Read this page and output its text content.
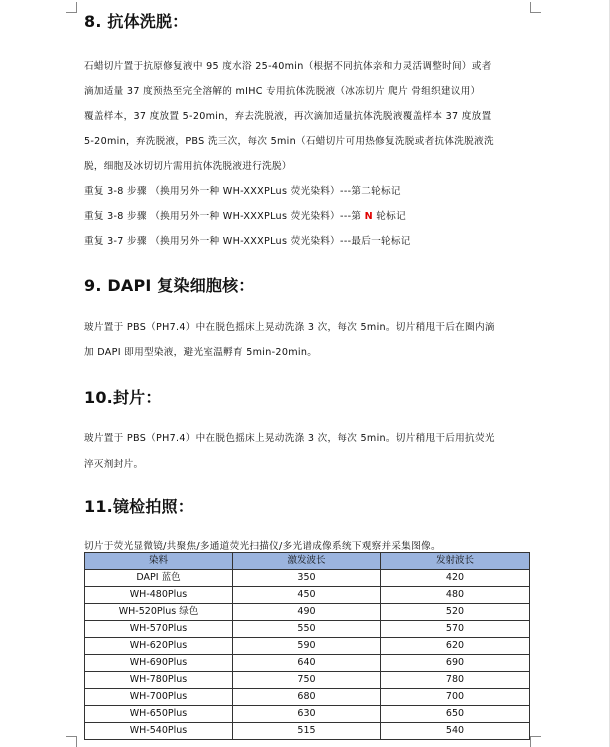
8. 抗体洗脱：
石蜡切片置于抗原修复液中 95 度水浴 25-40min（根据不同抗体亲和力灵活调整时间）或者
滴加适量 37 度预热至完全溶解的 mIHC 专用抗体洗脱液（冰冻切片 爬片 骨组织建议用）
覆盖样本，37 度放置 5-20min，弃去洗脱液，再次滴加适量抗体洗脱液覆盖样本 37 度放置
5-20min，弃洗脱液，PBS 洗三次，每次 5min（石蜡切片可用热修复洗脱或者抗体洗脱液洗
脱，细胞及冰切切片需用抗体洗脱液进行洗脱）
重复 3-8 步骤 （换用另外一种 WH-XXXPLus 荧光染料）---第二轮标记
重复 3-8 步骤 （换用另外一种 WH-XXXPLus 荧光染料）---第 N 轮标记
重复 3-7 步骤 （换用另外一种 WH-XXXPLus 荧光染料）---最后一轮标记
9. DAPI 复染细胞核：
玻片置于 PBS（PH7.4）中在脱色摇床上晃动洗涤 3 次，每次 5min。切片稍甩干后在圈内滴
加 DAPI 即用型染液，避光室温孵育 5min-20min。
10.封片：
玻片置于 PBS（PH7.4）中在脱色摇床上晃动洗涤 3 次，每次 5min。切片稍甩干后用抗荧光
淬灭剂封片。
11.镜检拍照：
切片于荧光显微镜/共聚焦/多通道荧光扫描仪/多光谱成像系统下观察并采集图像。
染料	激发波长	发射波长
DAPI 蓝色	350	420
WH-480Plus	450	480
WH-520Plus 绿色	490	520
WH-570Plus	550	570
WH-620Plus	590	620
WH-690Plus	640	690
WH-780Plus	750	780
WH-700Plus	680	700
WH-650Plus	630	650
WH-540Plus	515	540
